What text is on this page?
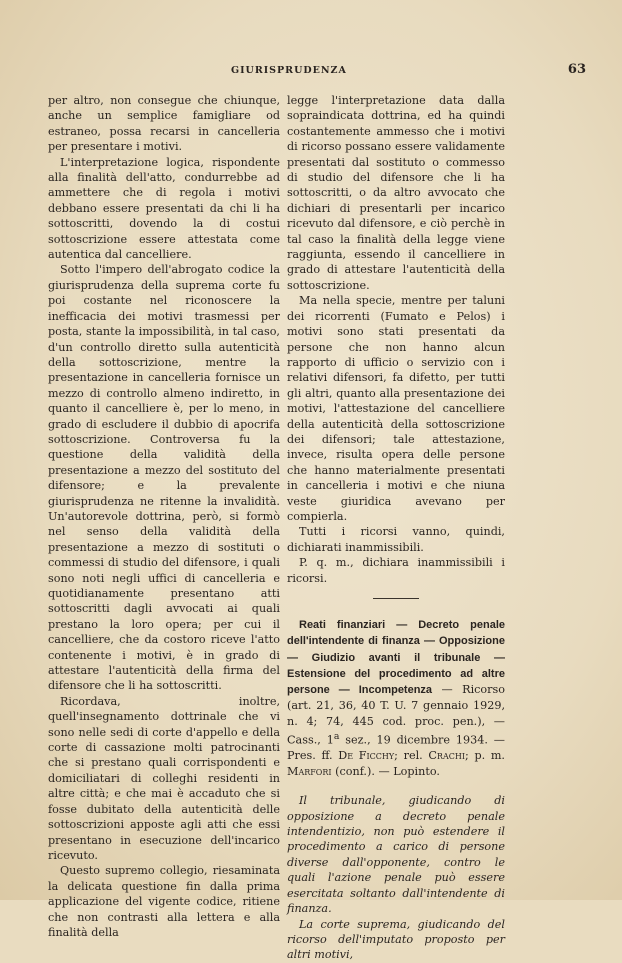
GIURISPRUDENZA	63

per altro, non consegue che chiunque, anche un semplice famigliare od estraneo, possa recarsi in cancelleria per presentare i motivi.

L'interpretazione logica, rispondente alla finalità dell'atto, condurrebbe ad ammettere che di regola i motivi debbano essere presentati da chi li ha sottoscritti, dovendo la di costui sottoscrizione essere attestata come autentica dal cancelliere.

Sotto l'impero dell'abrogato codice la giurisprudenza della suprema corte fu poi costante nel riconoscere la inefficacia dei motivi trasmessi per posta, stante la impossibilità, in tal caso, d'un controllo diretto sulla autenticità della sottoscrizione, mentre la presentazione in cancelleria fornisce un mezzo di controllo almeno indiretto, in quanto il cancelliere è, per lo meno, in grado di escludere il dubbio di apocrifa sottoscrizione. Controversa fu la questione della validità della presentazione a mezzo del sostituto del difensore; e la prevalente giurisprudenza ne ritenne la invalidità. Un'autorevole dottrina, però, si formò nel senso della validità della presentazione a mezzo di sostituti o commessi di studio del difensore, i quali sono noti negli uffici di cancelleria e quotidianamente presentano atti sottoscritti dagli avvocati ai quali prestano la loro opera; per cui il cancelliere, che da costoro riceve l'atto contenente i motivi, è in grado di attestare l'autenticità della firma del difensore che li ha sottoscritti.

Ricordava, inoltre, quell'insegnamento dottrinale che vi sono nelle sedi di corte d'appello e della corte di cassazione molti patrocinanti che si prestano quali corrispondenti e domiciliatari di colleghi residenti in altre città; e che mai è accaduto che si fosse dubitato della autenticità delle sottoscrizioni apposte agli atti che essi presentano in esecuzione dell'incarico ricevuto.

Questo supremo collegio, riesaminata la delicata questione fin dalla prima applicazione del vigente codice, ritiene che non contrasti alla lettera e alla finalità della

legge l'interpretazione data dalla sopraindicata dottrina, ed ha quindi costantemente ammesso che i motivi di ricorso possano essere validamente presentati dal sostituto o commesso di studio del difensore che li ha sottoscritti, o da altro avvocato che dichiari di presentarli per incarico ricevuto dal difensore, e ciò perchè in tal caso la finalità della legge viene raggiunta, essendo il cancelliere in grado di attestare l'autenticità della sottoscrizione.

Ma nella specie, mentre per taluni dei ricorrenti (Fumato e Pelos) i motivi sono stati presentati da persone che non hanno alcun rapporto di ufficio o servizio con i relativi difensori, fa difetto, per tutti gli altri, quanto alla presentazione dei motivi, l'attestazione del cancelliere della autenticità della sottoscrizione dei difensori; tale attestazione, invece, risulta opera delle persone che hanno materialmente presentati in cancelleria i motivi e che niuna veste giuridica avevano per compierla.

Tutti i ricorsi vanno, quindi, dichiarati inammissibili.

P. q. m., dichiara inammissibili i ricorsi.

Reati finanziari — Decreto penale dell'intendente di finanza — Opposizione — Giudizio avanti il tribunale — Estensione del procedimento ad altre persone — Incompetenza — Ricorso (art. 21, 36, 40 T. U. 7 gennaio 1929, n. 4; 74, 445 cod. proc. pen.), — Cass., 1$^a$ sez., 19 dicembre 1934. — Pres. ff. De Ficchy; rel. Crachi; p. m. Marfori (conf.). — Lopinto.

Il tribunale, giudicando di opposizione a decreto penale intendentizio, non può estendere il procedimento a carico di persone diverse dall'opponente, contro le quali l'azione penale può essere esercitata soltanto dall'intendente di finanza.

La corte suprema, giudicando del ricorso dell'imputato proposto per altri motivi,
